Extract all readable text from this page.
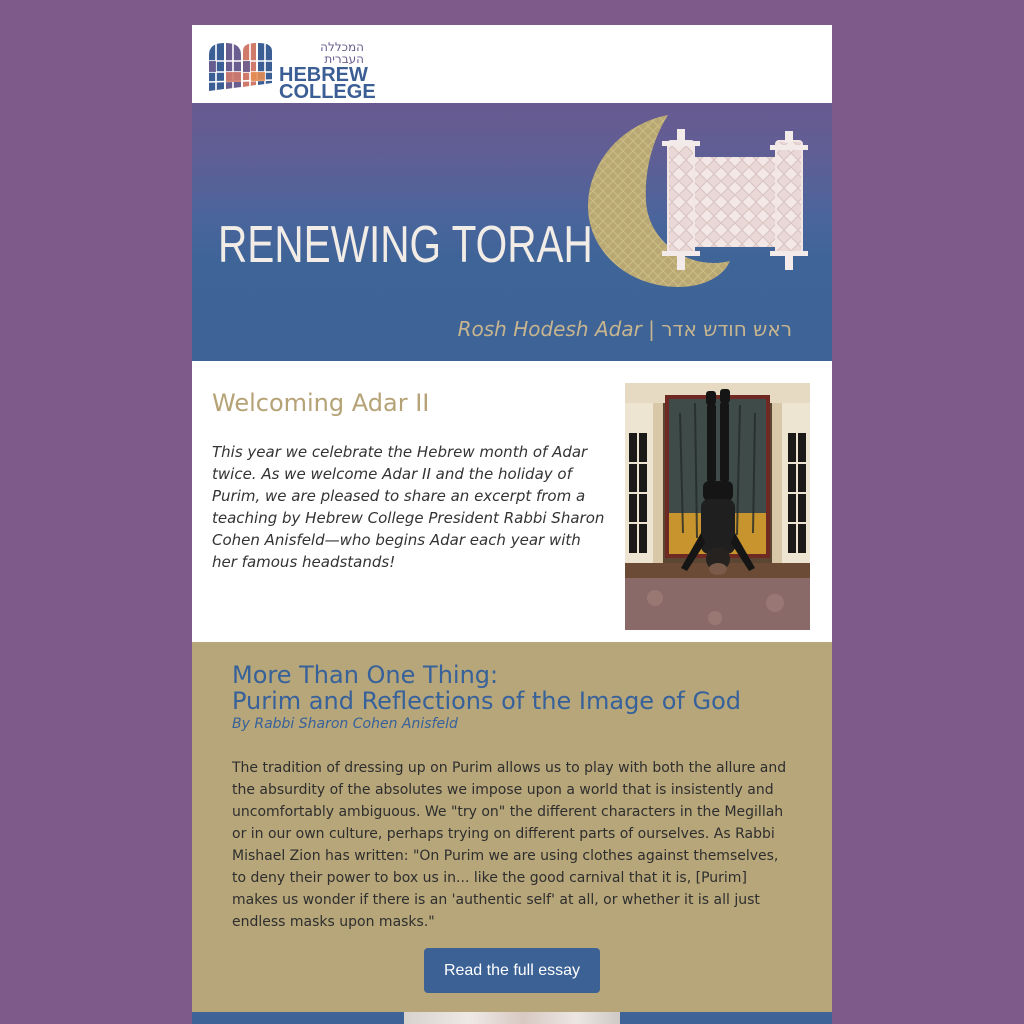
המכללה העברית
HEBREW
COLLEGE
RENEWING TORAH
Rosh Hodesh Adar | ראש חודש אדר
Welcoming Adar II

This year we celebrate the Hebrew month of Adar twice. As we welcome Adar II and the holiday of Purim, we are pleased to share an excerpt from a teaching by Hebrew College President Rabbi Sharon Cohen Anisfeld—who begins Adar each year with her famous headstands!

More Than One Thing:
Purim and Reflections of the Image of God
By Rabbi Sharon Cohen Anisfeld

The tradition of dressing up on Purim allows us to play with both the allure and the absurdity of the absolutes we impose upon a world that is insistently and uncomfortably ambiguous. We "try on" the different characters in the Megillah or in our own culture, perhaps trying on different parts of ourselves. As Rabbi Mishael Zion has written: "On Purim we are using clothes against themselves, to deny their power to box us in... like the good carnival that it is, [Purim] makes us wonder if there is an 'authentic self' at all, or whether it is all just endless masks upon masks."

Read the full essay
